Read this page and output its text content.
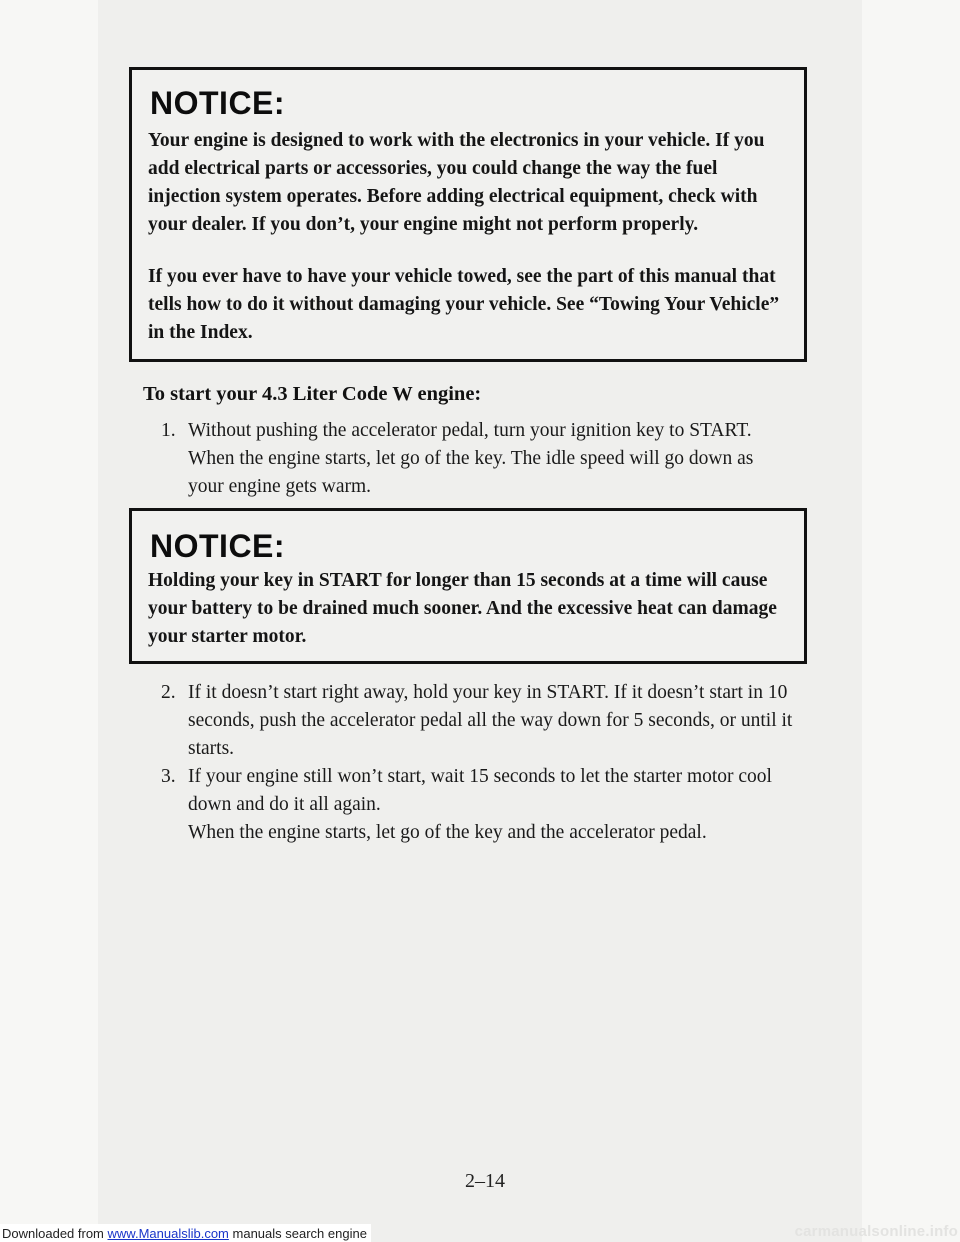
NOTICE:

Your engine is designed to work with the electronics in your vehicle. If you add electrical parts or accessories, you could change the way the fuel injection system operates. Before adding electrical equipment, check with your dealer. If you don’t, your engine might not perform properly.

If you ever have to have your vehicle towed, see the part of this manual that tells how to do it without damaging your vehicle. See “Towing Your Vehicle” in the Index.

To start your 4.3 Liter Code W engine:
1. Without pushing the accelerator pedal, turn your ignition key to START. When the engine starts, let go of the key. The idle speed will go down as your engine gets warm.
NOTICE:

Holding your key in START for longer than 15 seconds at a time will cause your battery to be drained much sooner. And the excessive heat can damage your starter motor.

2. If it doesn’t start right away, hold your key in START. If it doesn’t start in 10 seconds, push the accelerator pedal all the way down for 5 seconds, or until it starts.
3. If your engine still won’t start, wait 15 seconds to let the starter motor cool down and do it all again.
When the engine starts, let go of the key and the accelerator pedal.
2–14
Downloaded from www.Manualslib.com manuals search engine	carmanualsonline.info
